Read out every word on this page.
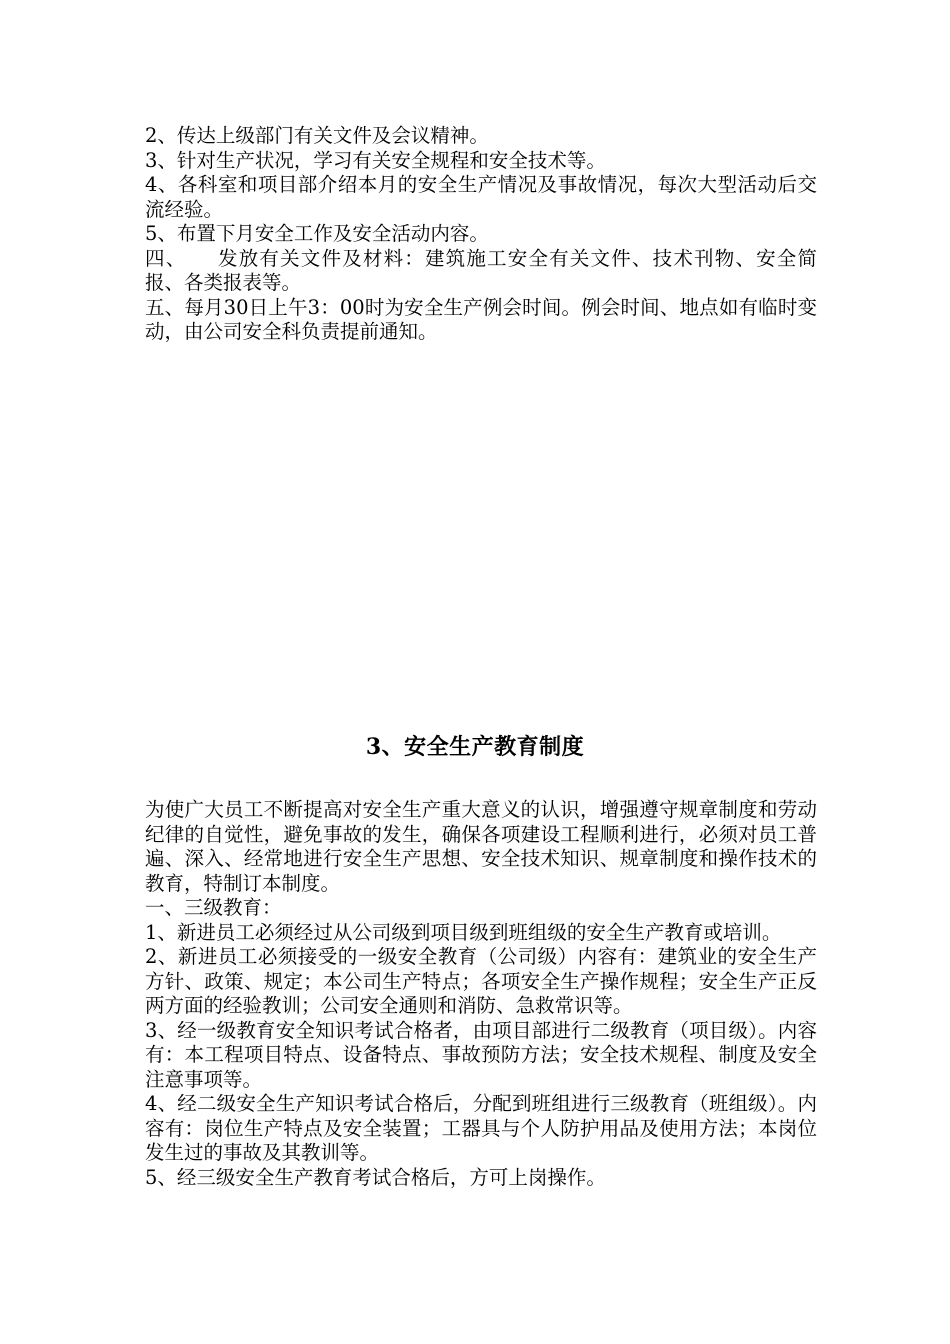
2、传达上级部门有关文件及会议精神。

3、针对生产状况，学习有关安全规程和安全技术等。

4、各科室和项目部介绍本月的安全生产情况及事故情况，每次大型活动后交流经验。

5、布置下月安全工作及安全活动内容。

四、　　发放有关文件及材料：建筑施工安全有关文件、技术刊物、安全简报、各类报表等。

五、每月30日上午3：00时为安全生产例会时间。例会时间、地点如有临时变动，由公司安全科负责提前通知。

3、安全生产教育制度

为使广大员工不断提高对安全生产重大意义的认识，增强遵守规章制度和劳动纪律的自觉性，避免事故的发生，确保各项建设工程顺利进行，必须对员工普遍、深入、经常地进行安全生产思想、安全技术知识、规章制度和操作技术的教育，特制订本制度。

一、三级教育：

1、新进员工必须经过从公司级到项目级到班组级的安全生产教育或培训。

2、新进员工必须接受的一级安全教育（公司级）内容有：建筑业的安全生产方针、政策、规定；本公司生产特点；各项安全生产操作规程；安全生产正反两方面的经验教训；公司安全通则和消防、急救常识等。

3、经一级教育安全知识考试合格者，由项目部进行二级教育（项目级）。内容有：本工程项目特点、设备特点、事故预防方法；安全技术规程、制度及安全注意事项等。

4、经二级安全生产知识考试合格后，分配到班组进行三级教育（班组级）。内容有：岗位生产特点及安全装置；工器具与个人防护用品及使用方法；本岗位发生过的事故及其教训等。

5、经三级安全生产教育考试合格后，方可上岗操作。
